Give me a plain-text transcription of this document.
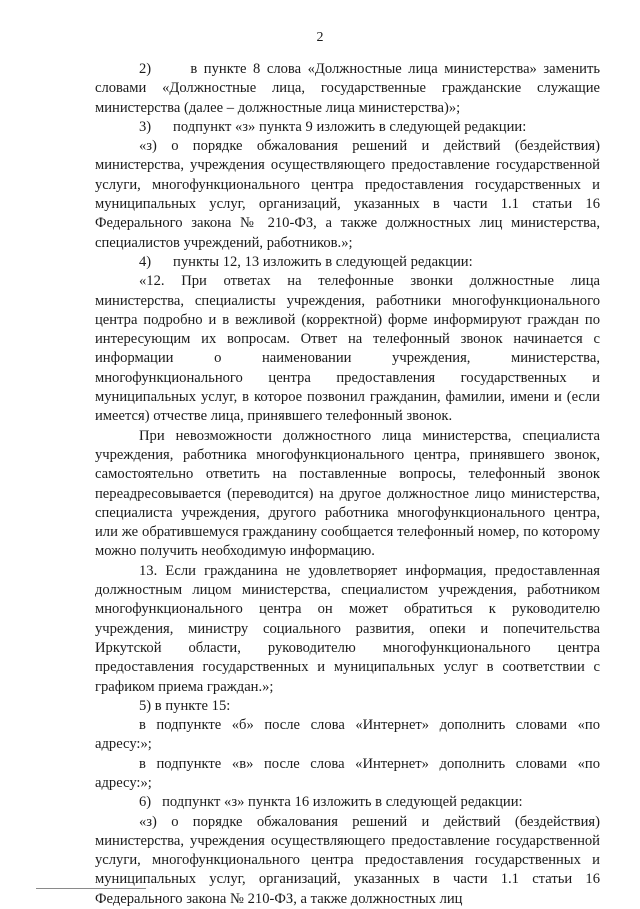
2

2)      в пункте 8 слова «Должностные лица министерства» заменить словами «Должностные лица, государственные гражданские служащие министерства (далее – должностные лица министерства)»;

3)      подпункт «з» пункта 9 изложить в следующей редакции:

«з) о порядке обжалования решений и действий (бездействия) министерства, учреждения осуществляющего предоставление государственной услуги, многофункционального центра предоставления государственных и муниципальных услуг, организаций, указанных в части 1.1 статьи 16 Федерального закона № 210-ФЗ, а также должностных лиц министерства, специалистов учреждений, работников.»;

4)      пункты 12, 13 изложить в следующей редакции:

«12. При ответах на телефонные звонки должностные лица министерства, специалисты учреждения, работники многофункционального центра подробно и в вежливой (корректной) форме информируют граждан по интересующим их вопросам. Ответ на телефонный звонок начинается с информации о наименовании учреждения, министерства, многофункционального центра предоставления государственных и муниципальных услуг, в которое позвонил гражданин, фамилии, имени и (если имеется) отчестве лица, принявшего телефонный звонок.

При невозможности должностного лица министерства, специалиста учреждения, работника многофункционального центра, принявшего звонок, самостоятельно ответить на поставленные вопросы, телефонный звонок переадресовывается (переводится) на другое должностное лицо министерства, специалиста учреждения, другого работника многофункционального центра, или же обратившемуся гражданину сообщается телефонный номер, по которому можно получить необходимую информацию.

13. Если гражданина не удовлетворяет информация, предоставленная должностным лицом министерства, специалистом учреждения, работником многофункционального центра он может обратиться к руководителю учреждения, министру социального развития, опеки и попечительства Иркутской области, руководителю многофункционального центра предоставления государственных и муниципальных услуг в соответствии с графиком приема граждан.»;

5) в пункте 15:

в подпункте «б» после слова «Интернет» дополнить словами «по адресу:»;

в подпункте «в» после слова «Интернет» дополнить словами «по адресу:»;

6)   подпункт «з» пункта 16 изложить в следующей редакции:

«з) о порядке обжалования решений и действий (бездействия) министерства, учреждения осуществляющего предоставление государственной услуги, многофункционального центра предоставления государственных и муниципальных услуг, организаций, указанных в части 1.1 статьи 16 Федерального закона № 210-ФЗ, а также должностных лиц
